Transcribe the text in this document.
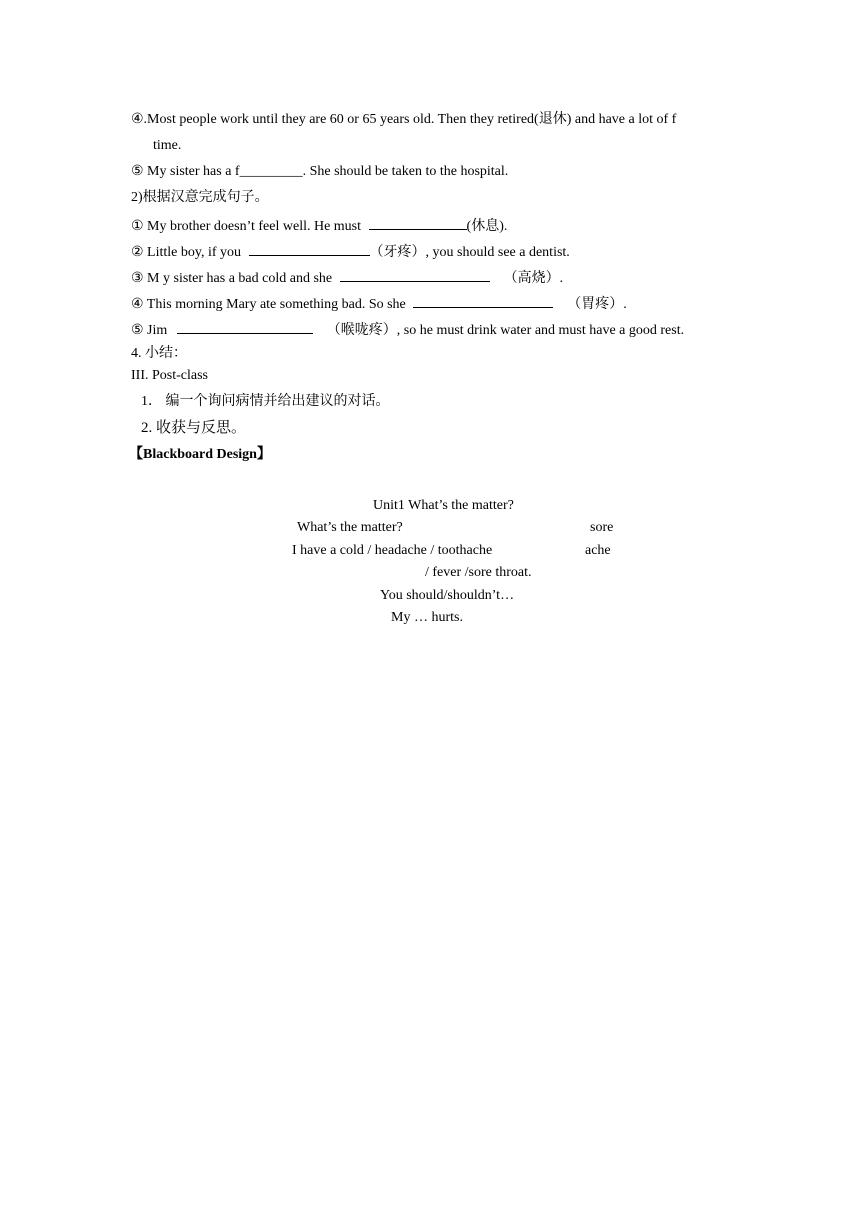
④.Most people work until they are 60 or 65 years old. Then they retired(退休) and have a lot of f
time.
⑤ My sister has a f_________. She should be taken to the hospital.
2)根据汉意完成句子。
① My brother doesn’t feel well. He must	(休息).
② Little boy, if you	（牙疼）, you should see a dentist.
③ M y sister has a bad cold and she	（高烧）.
④ This morning Mary ate something bad. So she	（胃疼）.
⑤ Jim	（喉咙疼）, so he must drink water and must have a good rest.
4. 小结：
III. Post-class
1． 编一个询问病情并给出建议的对话。
2. 收获与反思。
【Blackboard Design】
Unit1 What’s the matter?
What’s the matter?	sore
I have a cold / headache / toothache	ache
/ fever /sore throat.
You should/shouldn’t…
My … hurts.
